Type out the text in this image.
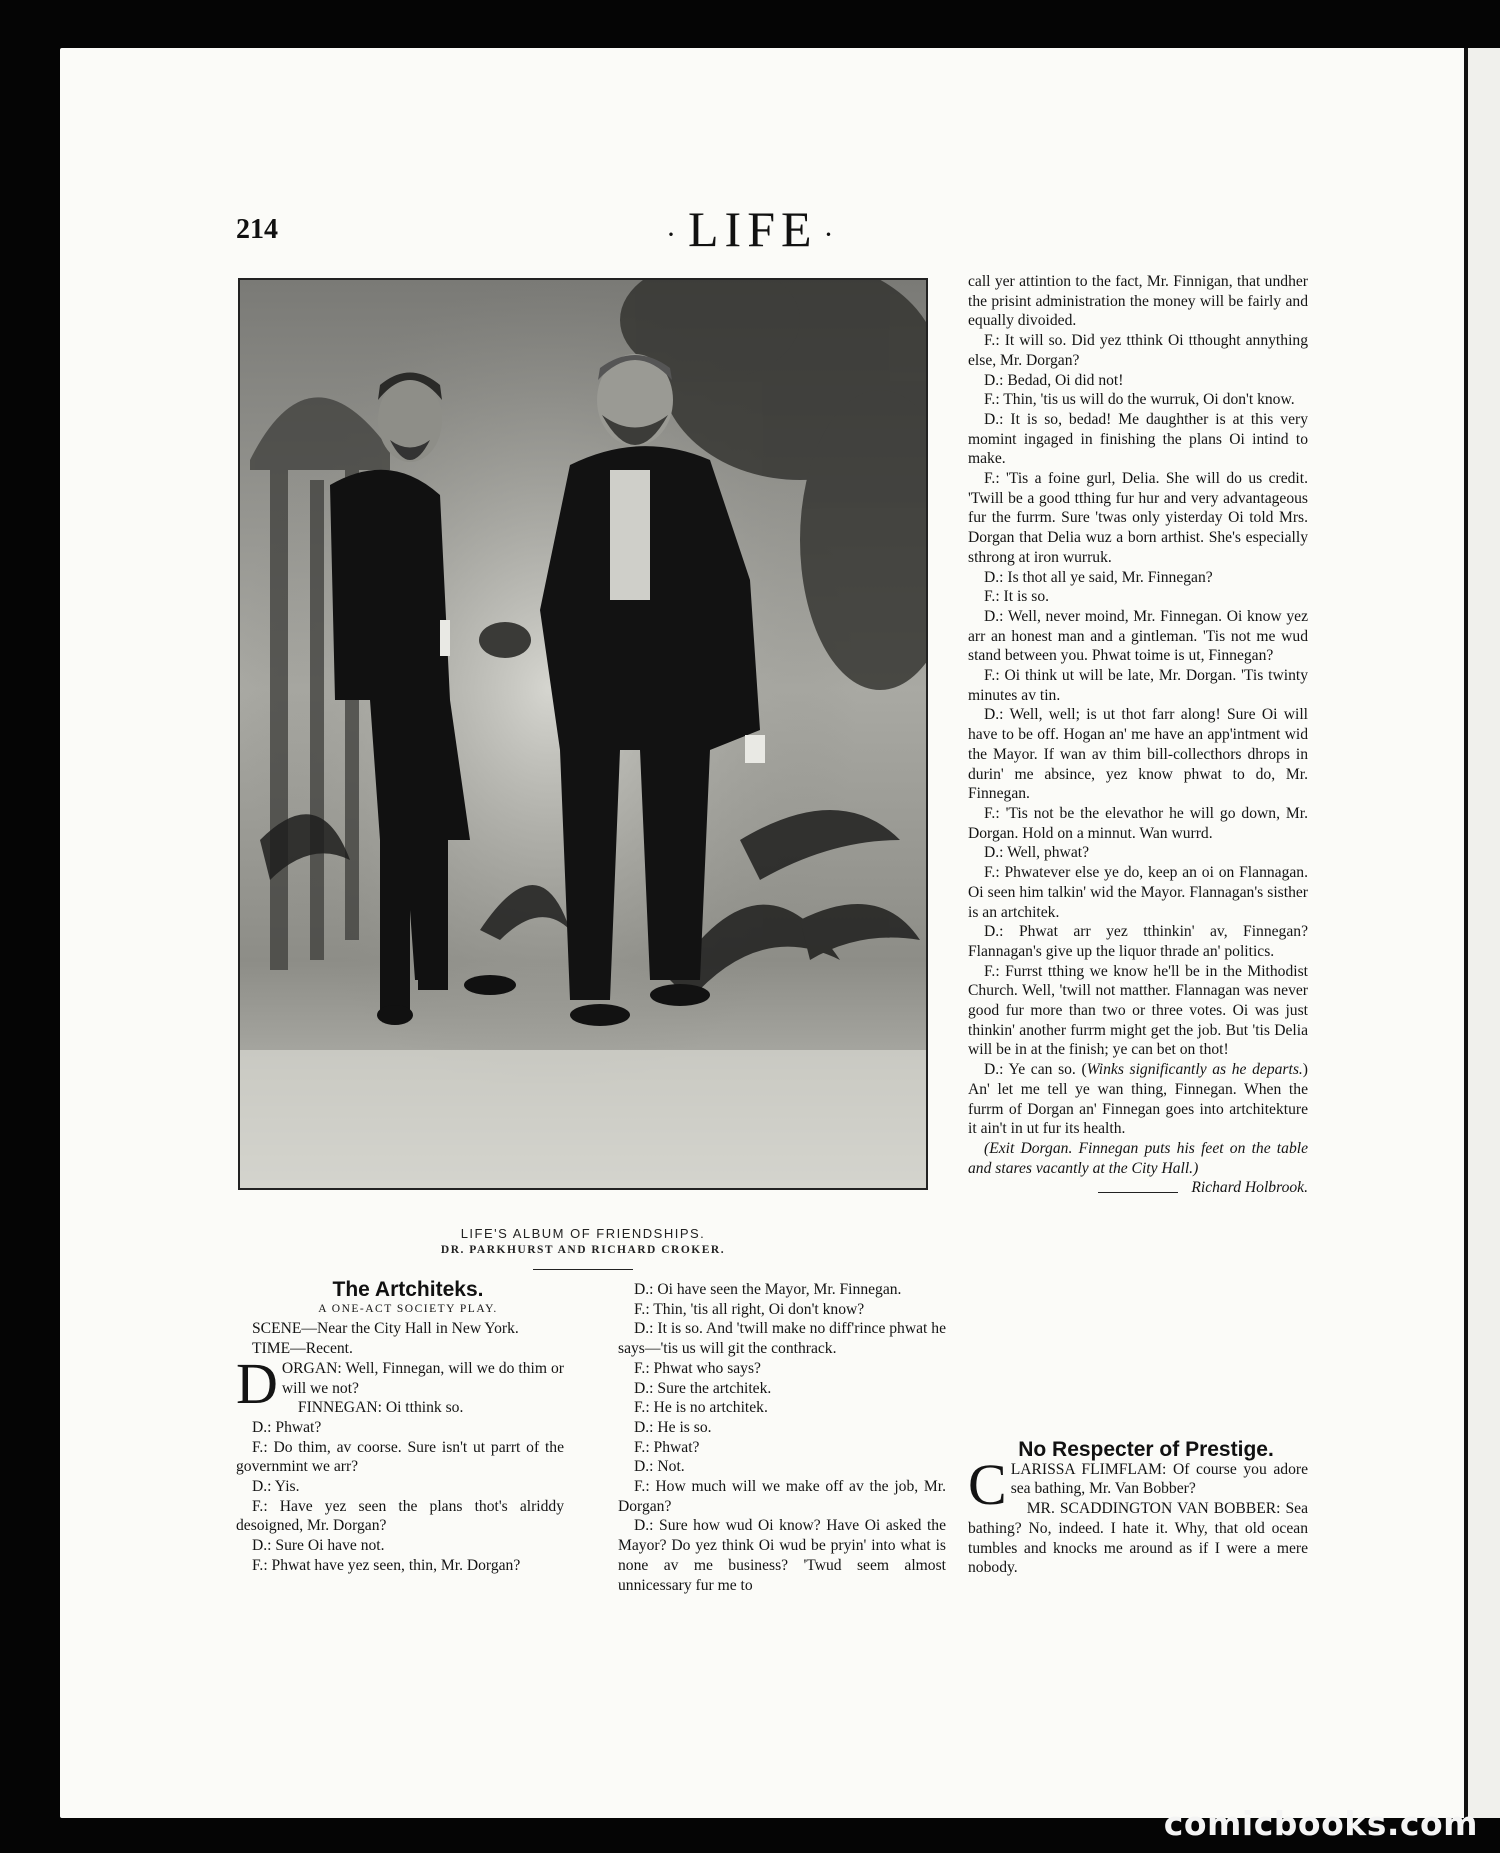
214	· LIFE ·
LIFE'S ALBUM OF FRIENDSHIPS.
DR. PARKHURST AND RICHARD CROKER.

The Artchiteks.

A ONE-ACT SOCIETY PLAY.

SCENE—Near the City Hall in New York.

TIME—Recent.

DORGAN: Well, Finnegan, will we do thim or will we not?

FINNEGAN: Oi tthink so.

D.: Phwat?

F.: Do thim, av coorse. Sure isn't ut parrt of the governmint we arr?

D.: Yis.

F.: Have yez seen the plans thot's alriddy desoigned, Mr. Dorgan?

D.: Sure Oi have not.

F.: Phwat have yez seen, thin, Mr. Dorgan?

D.: Oi have seen the Mayor, Mr. Finnegan.

F.: Thin, 'tis all right, Oi don't know?

D.: It is so. And 'twill make no diff'rince phwat he says—'tis us will git the conthrack.

F.: Phwat who says?

D.: Sure the artchitek.

F.: He is no artchitek.

D.: He is so.

F.: Phwat?

D.: Not.

F.: How much will we make off av the job, Mr. Dorgan?

D.: Sure how wud Oi know? Have Oi asked the Mayor? Do yez think Oi wud be pryin' into what is none av me business? 'Twud seem almost unnicessary fur me to

call yer attintion to the fact, Mr. Finnigan, that undher the prisint administration the money will be fairly and equally divoided.

F.: It will so. Did yez tthink Oi tthought annything else, Mr. Dorgan?

D.: Bedad, Oi did not!

F.: Thin, 'tis us will do the wurruk, Oi don't know.

D.: It is so, bedad! Me daughther is at this very momint ingaged in finishing the plans Oi intind to make.

F.: 'Tis a foine gurl, Delia. She will do us credit. 'Twill be a good tthing fur hur and very advantageous fur the furrm. Sure 'twas only yisterday Oi told Mrs. Dorgan that Delia wuz a born arthist. She's especially sthrong at iron wurruk.

D.: Is thot all ye said, Mr. Finnegan?

F.: It is so.

D.: Well, never moind, Mr. Finnegan. Oi know yez arr an honest man and a gintleman. 'Tis not me wud stand between you. Phwat toime is ut, Finnegan?

F.: Oi think ut will be late, Mr. Dorgan. 'Tis twinty minutes av tin.

D.: Well, well; is ut thot farr along! Sure Oi will have to be off. Hogan an' me have an app'intment wid the Mayor. If wan av thim bill-collecthors dhrops in durin' me absince, yez know phwat to do, Mr. Finnegan.

F.: 'Tis not be the elevathor he will go down, Mr. Dorgan. Hold on a minnut. Wan wurrd.

D.: Well, phwat?

F.: Phwatever else ye do, keep an oi on Flannagan. Oi seen him talkin' wid the Mayor. Flannagan's sisther is an artchitek.

D.: Phwat arr yez tthinkin' av, Finnegan? Flannagan's give up the liquor thrade an' politics.

F.: Furrst tthing we know he'll be in the Mithodist Church. Well, 'twill not matther. Flannagan was never good fur more than two or three votes. Oi was just thinkin' another furrm might get the job. But 'tis Delia will be in at the finish; ye can bet on thot!

D.: Ye can so. (Winks significantly as he departs.) An' let me tell ye wan thing, Finnegan. When the furrm of Dorgan an' Finnegan goes into artchitekture it ain't in ut fur its health.

(Exit Dorgan. Finnegan puts his feet on the table and stares vacantly at the City Hall.)
Richard Holbrook.

No Respecter of Prestige.

CLARISSA FLIMFLAM: Of course you adore sea bathing, Mr. Van Bobber?

MR. SCADDINGTON VAN BOBBER: Sea bathing? No, indeed. I hate it. Why, that old ocean tumbles and knocks me around as if I were a mere nobody.

comicbooks.com
